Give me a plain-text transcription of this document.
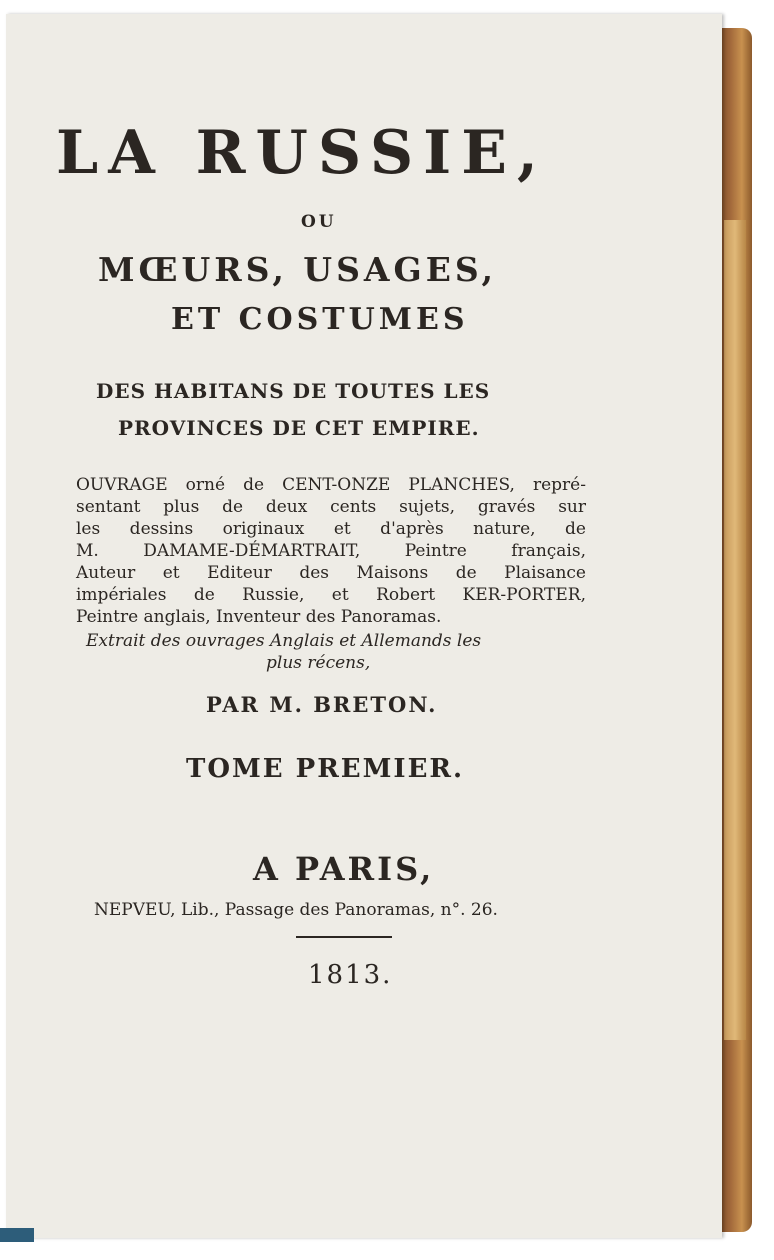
LA RUSSIE,
OU
MŒURS, USAGES,
ET COSTUMES
DES HABITANS DE TOUTES LES
PROVINCES DE CET EMPIRE.
OUVRAGE orné de CENT-ONZE PLANCHES, repré-
sentant plus de deux cents sujets, gravés sur
les dessins originaux et d'après nature, de
M. DAMAME-DÉMARTRAIT, Peintre français,
Auteur et Editeur des Maisons de Plaisance
impériales de Russie, et Robert KER-PORTER,
Peintre anglais, Inventeur des Panoramas.
Extrait des ouvrages Anglais et Allemands les
plus récens,
PAR M. BRETON.
TOME PREMIER.
A PARIS,
NEPVEU, Lib., Passage des Panoramas, n°. 26.
1813.
